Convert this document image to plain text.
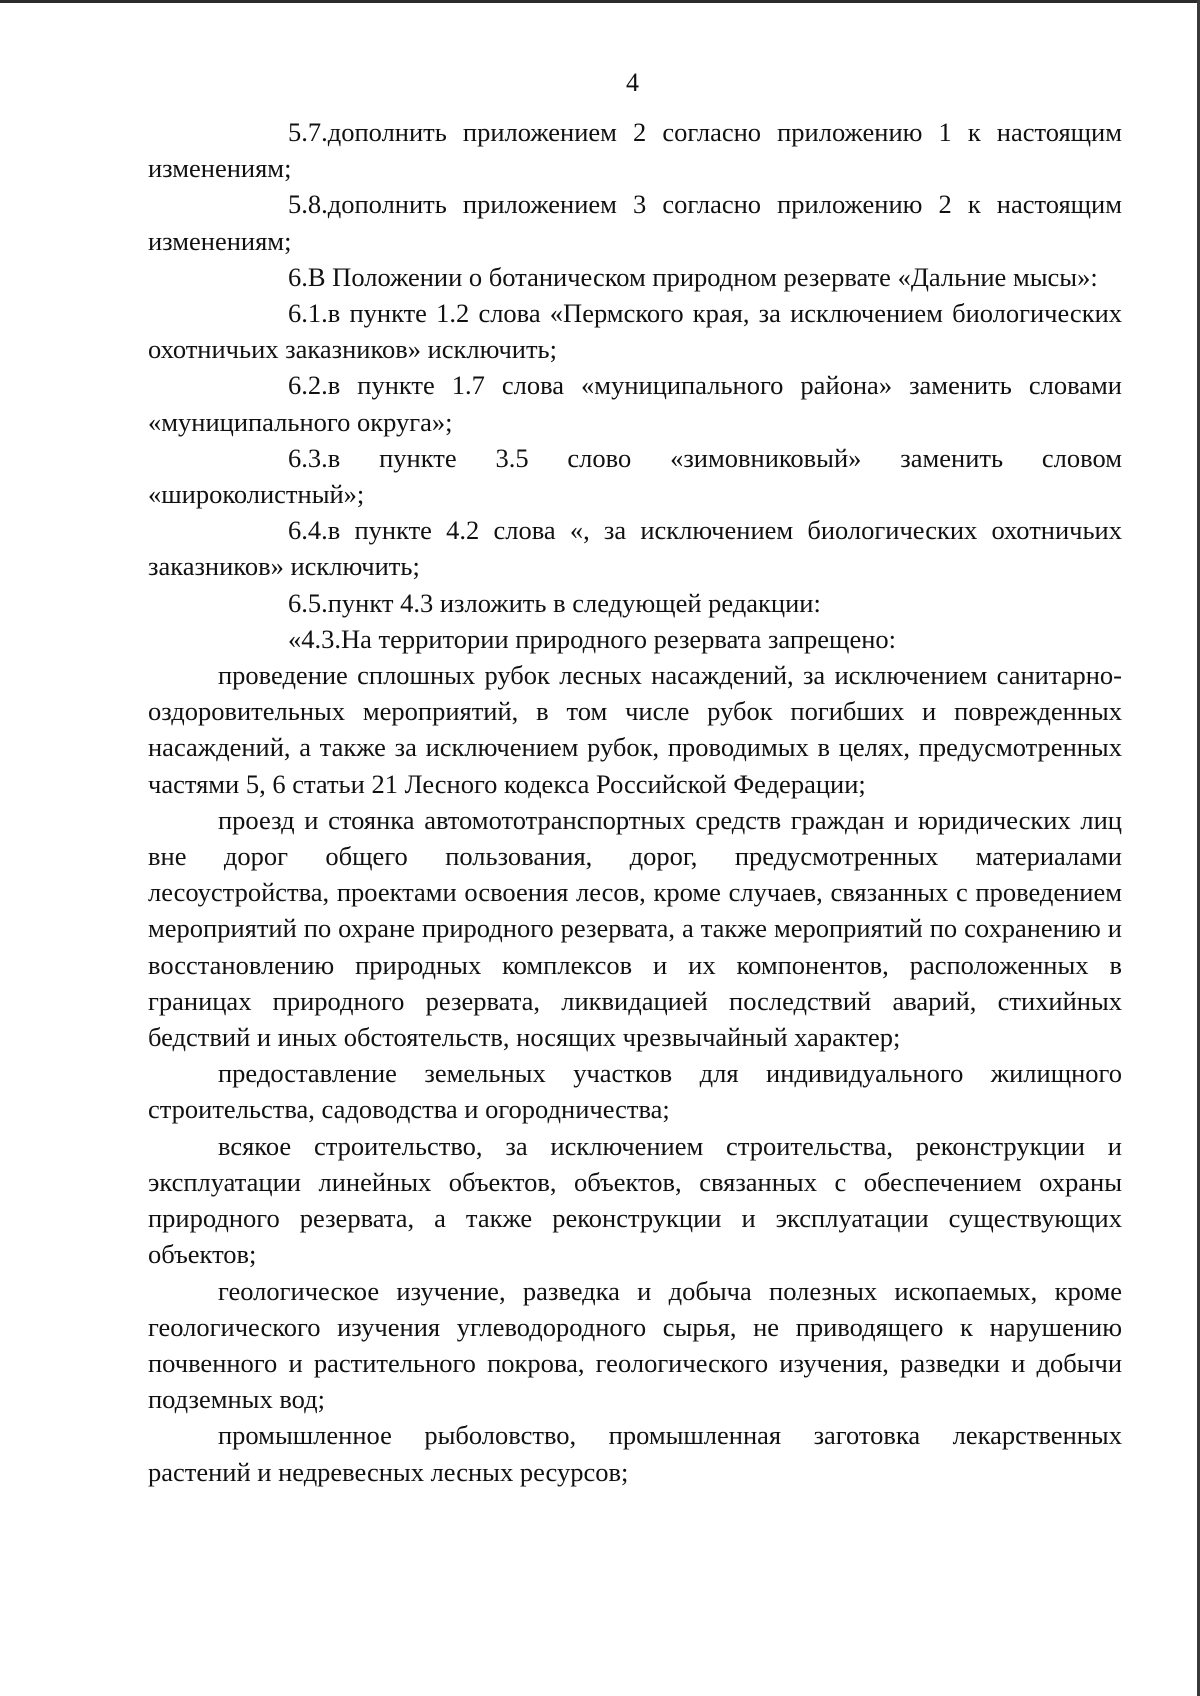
4

5.7.дополнить приложением 2 согласно приложению 1 к настоящим изменениям;

5.8.дополнить приложением 3 согласно приложению 2 к настоящим изменениям;

6.В Положении о ботаническом природном резервате «Дальние мысы»:

6.1.в пункте 1.2 слова «Пермского края, за исключением биологических охотничьих заказников» исключить;

6.2.в пункте 1.7 слова «муниципального района» заменить словами «муниципального округа»;

6.3.в пункте 3.5 слово «зимовниковый» заменить словом «широколистный»;

6.4.в пункте 4.2 слова «, за исключением биологических охотничьих заказников» исключить;

6.5.пункт 4.3 изложить в следующей редакции:

«4.3.На территории природного резервата запрещено:

проведение сплошных рубок лесных насаждений, за исключением санитарно-оздоровительных мероприятий, в том числе рубок погибших и поврежденных насаждений, а также за исключением рубок, проводимых в целях, предусмотренных частями 5, 6 статьи 21 Лесного кодекса Российской Федерации;

проезд и стоянка автомототранспортных средств граждан и юридических лиц вне дорог общего пользования, дорог, предусмотренных материалами лесоустройства, проектами освоения лесов, кроме случаев, связанных с проведением мероприятий по охране природного резервата, а также мероприятий по сохранению и восстановлению природных комплексов и их компонентов, расположенных в границах природного резервата, ликвидацией последствий аварий, стихийных бедствий и иных обстоятельств, носящих чрезвычайный характер;

предоставление земельных участков для индивидуального жилищного строительства, садоводства и огородничества;

всякое строительство, за исключением строительства, реконструкции и эксплуатации линейных объектов, объектов, связанных с обеспечением охраны природного резервата, а также реконструкции и эксплуатации существующих объектов;

геологическое изучение, разведка и добыча полезных ископаемых, кроме геологического изучения углеводородного сырья, не приводящего к нарушению почвенного и растительного покрова, геологического изучения, разведки и добычи подземных вод;

промышленное рыболовство, промышленная заготовка лекарственных растений и недревесных лесных ресурсов;
